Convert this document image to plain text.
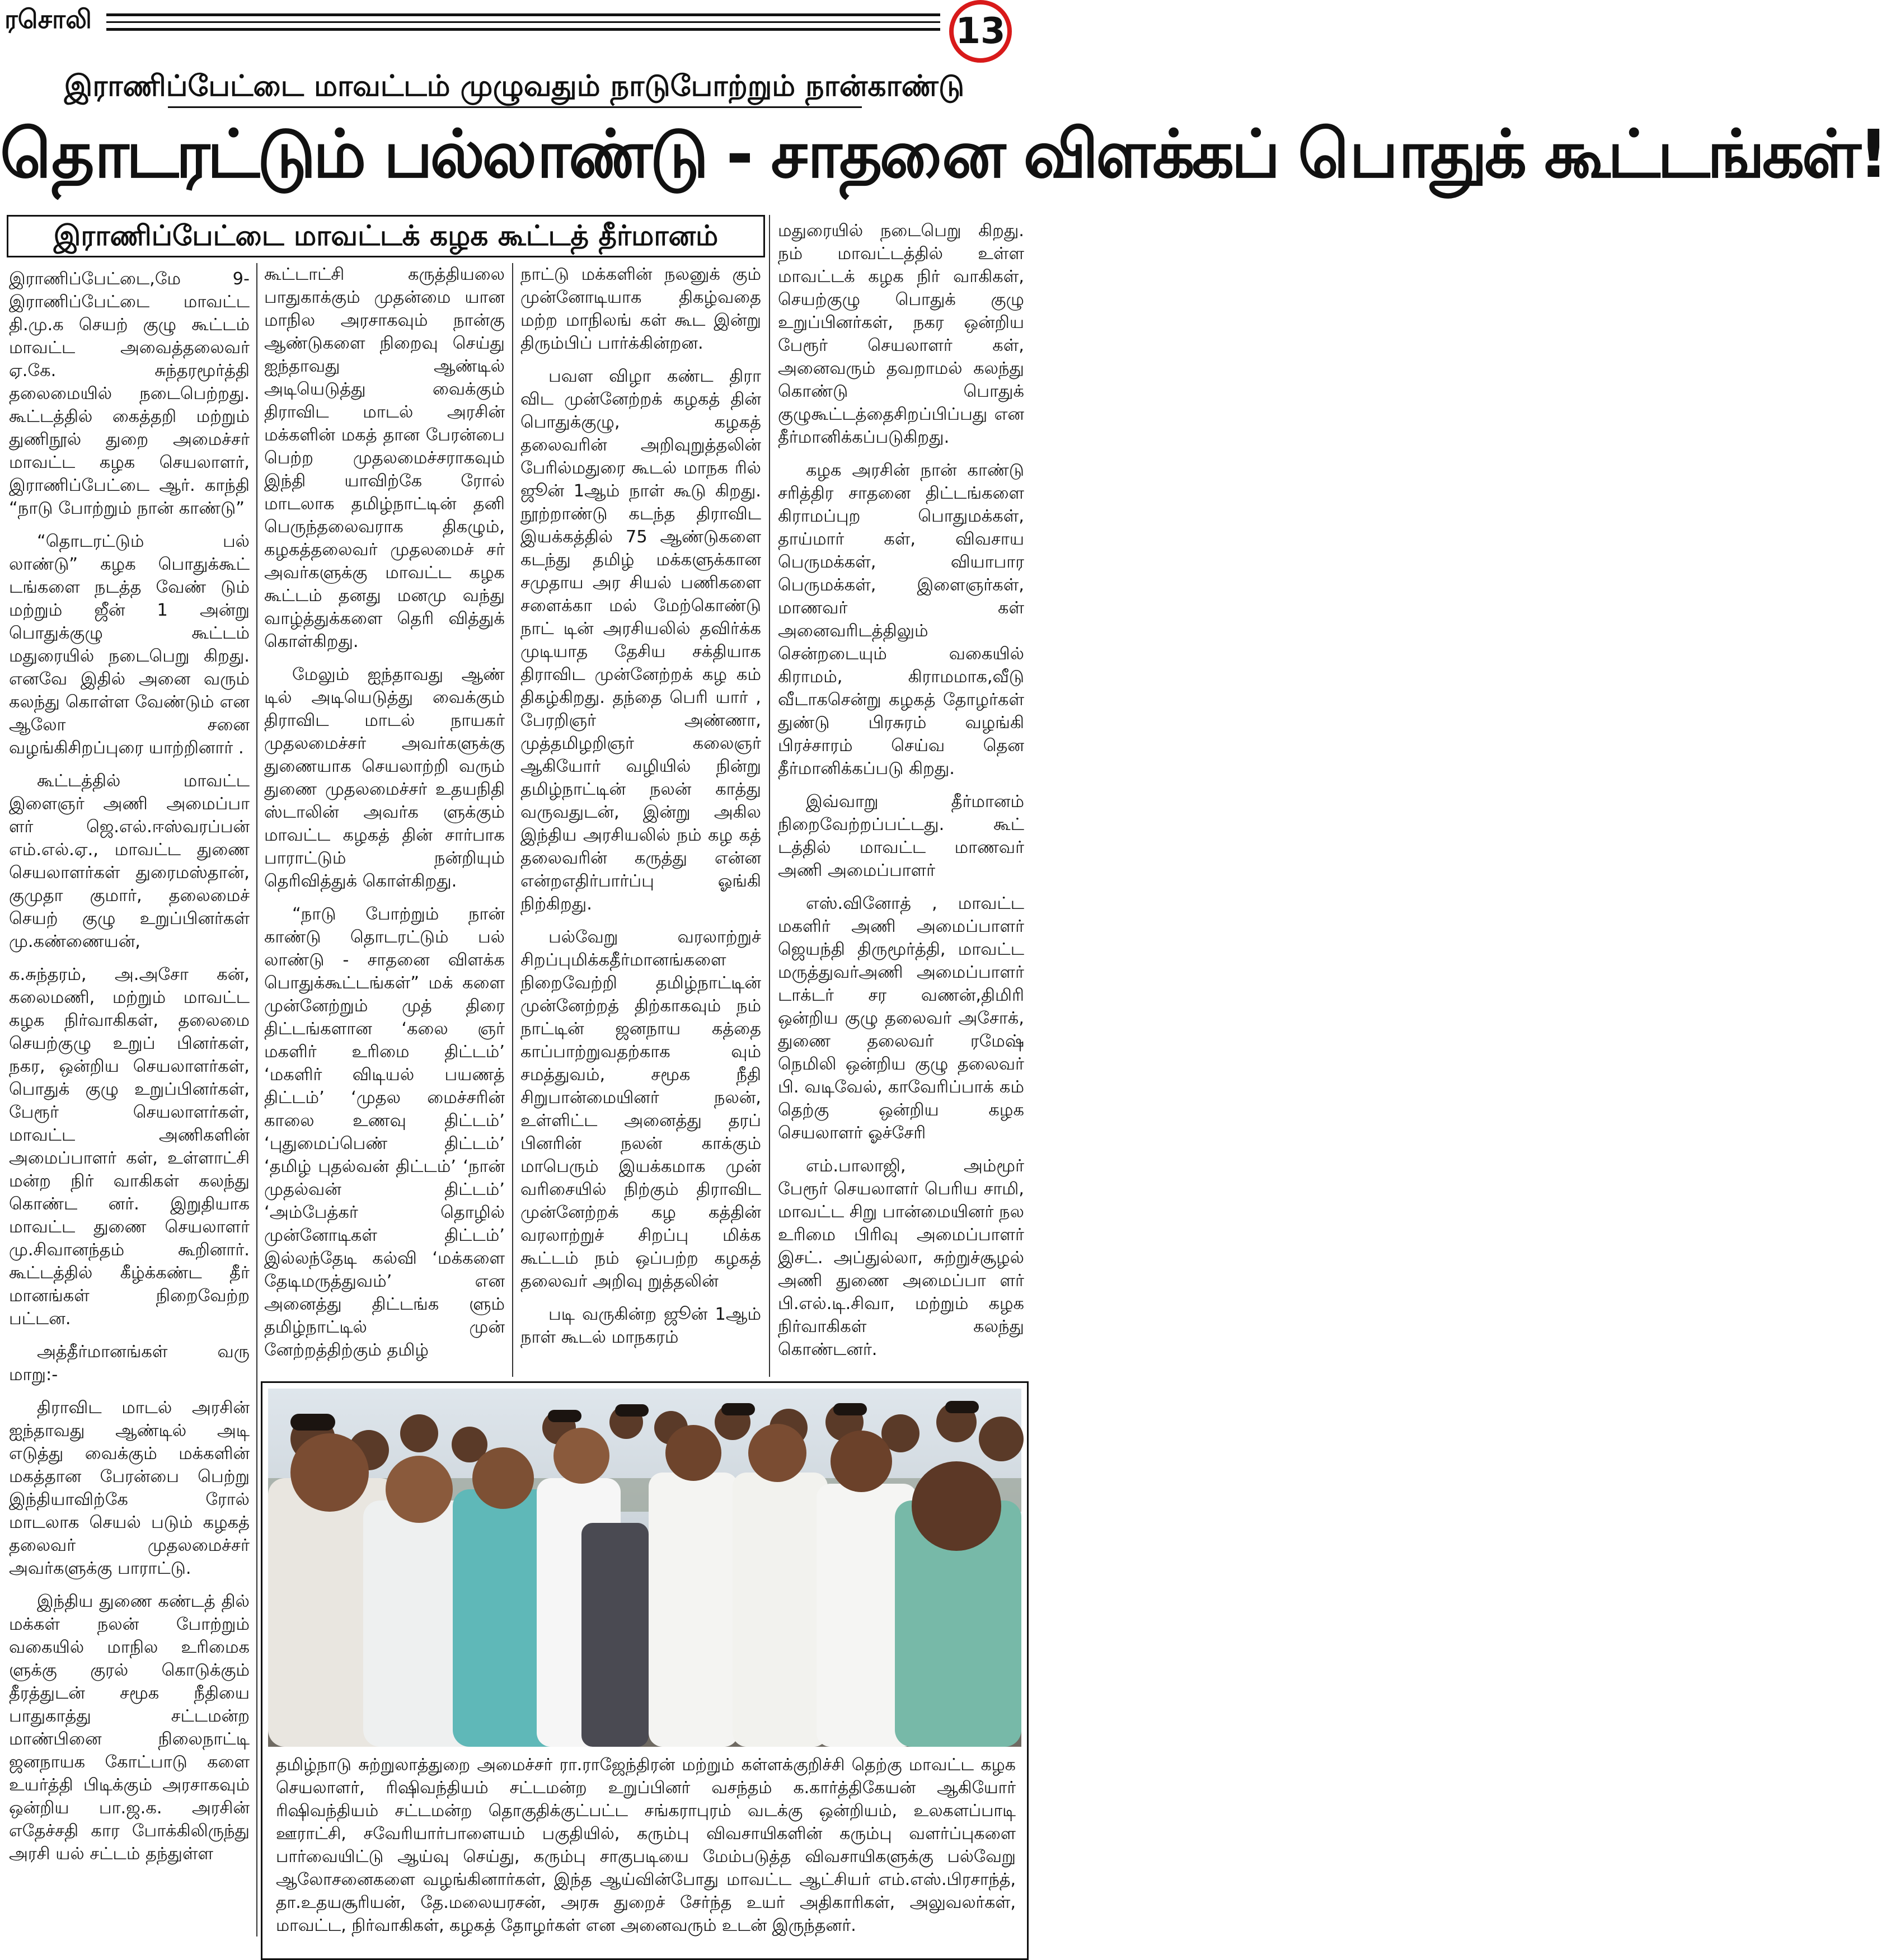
ரசொலி	13
இராணிப்பேட்டை மாவட்டம் முழுவதும் நாடுபோற்றும் நான்காண்டு
தொடரட்டும் பல்லாண்டு - சாதனை விளக்கப் பொதுக் கூட்டங்கள்!
இராணிப்பேட்டை மாவட்டக் கழக கூட்டத் தீர்மானம்

இராணிப்பேட்டை,மே 9- இராணிப்பேட்டை மாவட்ட தி.மு.க செயற் குழு கூட்டம் மாவட்ட அவைத்தலைவர் ஏ.கே. சுந்தரமூர்த்தி தலைமையில் நடைபெற்றது. கூட்டத்தில் கைத்தறி மற்றும் துணிநூல் துறை அமைச்சர் மாவட்ட கழக செயலாளர், இராணிப்பேட்டை ஆர். காந்தி “நாடு போற்றும் நான் காண்டு”

“தொடரட்டும் பல் லாண்டு” கழக பொதுக்கூட் டங்களை நடத்த வேண் டும் மற்றும் ஜீன் 1 அன்று பொதுக்குழு கூட்டம் மதுரையில் நடைபெறு கிறது. எனவே இதில் அனை வரும் கலந்து கொள்ள வேண்டும் என ஆலோ சனை வழங்கிசிறப்புரை யாற்றினார் .

கூட்டத்தில் மாவட்ட இளைஞர் அணி அமைப்பா ளர் ஜெ.எல்.ஈஸ்வரப்பன் எம்.எல்.ஏ., மாவட்ட துணை செயலாளர்கள் துரைமஸ்தான், குமுதா குமார், தலைமைச் செயற் குழு உறுப்பினர்கள் மு.கண்ணையன்,

க.சுந்தரம், அ.அசோ கன், கலைமணி, மற்றும் மாவட்ட கழக நிர்வாகிகள், தலைமை செயற்குழு உறுப் பினர்கள், நகர, ஒன்றிய செயலாளர்கள், பொதுக் குழு உறுப்பினர்கள், பேரூர் செயலாளர்கள், மாவட்ட அணிகளின் அமைப்பாளர் கள், உள்ளாட்சி மன்ற நிர் வாகிகள் கலந்து கொண்ட னர். இறுதியாக மாவட்ட துணை செயலாளர் மு.சிவானந்தம் கூறினார். கூட்டத்தில் கீழ்க்கண்ட தீர் மானங்கள் நிறைவேற்ற பட்டன.

அத்தீர்மானங்கள் வரு மாறு:-

திராவிட மாடல் அரசின் ஐந்தாவது ஆண்டில் அடி எடுத்து வைக்கும் மக்களின் மகத்தான பேரன்பை பெற்று இந்தியாவிற்கே ரோல் மாடலாக செயல் படும் கழகத் தலைவர் முதலமைச்சர் அவர்களுக்கு பாராட்டு.

இந்திய துணை கண்டத் தில் மக்கள் நலன் போற்றும் வகையில் மாநில உரிமைக ளுக்கு குரல் கொடுக்கும் தீரத்துடன் சமூக நீதியை பாதுகாத்து சட்டமன்ற மாண்பினை நிலைநாட்டி ஜனநாயக கோட்பாடு களை உயர்த்தி பிடிக்கும் அரசாகவும் ஒன்றிய பா.ஜ.க. அரசின் எதேச்சதி கார போக்கிலிருந்து அரசி யல் சட்டம் தந்துள்ள

கூட்டாட்சி கருத்தியலை பாதுகாக்கும் முதன்மை யான மாநில அரசாகவும் நான்கு ஆண்டுகளை நிறைவு செய்து ஐந்தாவது ஆண்டில் அடியெடுத்து வைக்கும் திராவிட மாடல் அரசின் மக்களின் மகத் தான பேரன்பை பெற்ற முதலமைச்சராகவும் இந்தி யாவிற்கே ரோல் மாடலாக தமிழ்நாட்டின் தனி பெருந்தலைவராக திகழும், கழகத்தலைவர் முதலமைச் சர் அவர்களுக்கு மாவட்ட கழக கூட்டம் தனது மனமு வந்து வாழ்த்துக்களை தெரி வித்துக் கொள்கிறது.

மேலும் ஐந்தாவது ஆண் டில் அடியெடுத்து வைக்கும் திராவிட மாடல் நாயகர் முதலமைச்சர் அவர்களுக்கு துணையாக செயலாற்றி வரும் துணை முதலமைச்சர் உதயநிதி ஸ்டாலின் அவர்க ளுக்கும் மாவட்ட கழகத் தின் சார்பாக பாராட்டும் நன்றியும் தெரிவித்துக் கொள்கிறது.

“நாடு போற்றும் நான் காண்டு தொடரட்டும் பல் லாண்டு - சாதனை விளக்க பொதுக்கூட்டங்கள்” மக் களை முன்னேற்றும் முத் திரை திட்டங்களான ‘கலை ஞர் மகளிர் உரிமை திட்டம்’ ‘மகளிர் விடியல் பயணத் திட்டம்’ ‘முதல மைச்சரின் காலை உணவு திட்டம்’ ‘புதுமைப்பெண் திட்டம்’ ‘தமிழ் புதல்வன் திட்டம்’ ‘நான் முதல்வன் திட்டம்’ ‘அம்பேத்கர் தொழில் முன்னோடிகள் திட்டம்’ இல்லந்தேடி கல்வி ‘மக்களை தேடிமருத்துவம்’ என அனைத்து திட்டங்க ளும் தமிழ்நாட்டில் முன் னேற்றத்திற்கும் தமிழ்

நாட்டு மக்களின் நலனுக் கும் முன்னோடியாக திகழ்வதை மற்ற மாநிலங் கள் கூட இன்று திரும்பிப் பார்க்கின்றன.

பவள விழா கண்ட திரா விட முன்னேற்றக் கழகத் தின் பொதுக்குழு, கழகத் தலைவரின் அறிவுறுத்தலின் பேரில்மதுரை கூடல் மாநக ரில் ஜூன் 1ஆம் நாள் கூடு கிறது. நூற்றாண்டு கடந்த திராவிட இயக்கத்தில் 75 ஆண்டுகளை கடந்து தமிழ் மக்களுக்கான சமுதாய அர சியல் பணிகளை சளைக்கா மல் மேற்கொண்டு நாட் டின் அரசியலில் தவிர்க்க முடியாத தேசிய சக்தியாக திராவிட முன்னேற்றக் கழ கம் திகழ்கிறது. தந்தை பெரி யார் , பேரறிஞர் அண்ணா, முத்தமிழறிஞர் கலைஞர் ஆகியோர் வழியில் நின்று தமிழ்நாட்டின் நலன் காத்து வருவதுடன், இன்று அகில இந்திய அரசியலில் நம் கழ கத் தலைவரின் கருத்து என்ன என்றஎதிர்பார்ப்பு ஓங்கி நிற்கிறது.

பல்வேறு வரலாற்றுச் சிறப்புமிக்கதீர்மானங்களை நிறைவேற்றி தமிழ்நாட்டின் முன்னேற்றத் திற்காகவும் நம் நாட்டின் ஜனநாய கத்தை காப்பாற்றுவதற்காக வும் சமத்துவம், சமூக நீதி சிறுபான்மையினர் நலன், உள்ளிட்ட அனைத்து தரப் பினரின் நலன் காக்கும் மாபெரும் இயக்கமாக முன் வரிசையில் நிற்கும் திராவிட முன்னேற்றக் கழ கத்தின் வரலாற்றுச் சிறப்பு மிக்க கூட்டம் நம் ஒப்பற்ற கழகத் தலைவர் அறிவு றுத்தலின்

படி வருகின்ற ஜூன் 1ஆம் நாள் கூடல் மாநகரம்

மதுரையில் நடைபெறு கிறது. நம் மாவட்டத்தில் உள்ள மாவட்டக் கழக நிர் வாகிகள், செயற்குழு பொதுக் குழு உறுப்பினர்கள், நகர ஒன்றிய பேரூர் செயலாளர் கள், அனைவரும் தவறாமல் கலந்து கொண்டு பொதுக் குழுகூட்டத்தைசிறப்பிப்பது என தீர்மானிக்கப்படுகிறது.

கழக அரசின் நான் காண்டு சரித்திர சாதனை திட்டங்களை கிராமப்புற பொதுமக்கள், தாய்மார் கள், விவசாய பெருமக்கள், வியாபார பெருமக்கள், இளைஞர்கள், மாணவர் கள் அனைவரிடத்திலும் சென்றடையும் வகையில் கிராமம், கிராமமாக,வீடு வீடாகசென்று கழகத் தோழர்கள் துண்டு பிரசுரம் வழங்கி பிரச்சாரம் செய்வ தென தீர்மானிக்கப்படு கிறது.

இவ்வாறு தீர்மானம் நிறைவேற்றப்பட்டது. கூட் டத்தில் மாவட்ட மாணவர் அணி அமைப்பாளர்

எஸ்.வினோத் , மாவட்ட மகளிர் அணி அமைப்பாளர் ஜெயந்தி திருமூர்த்தி, மாவட்ட மருத்துவர்அணி அமைப்பாளர் டாக்டர் சர வணன்,திமிரி ஒன்றிய குழு தலைவர் அசோக், துணை தலைவர் ரமேஷ் நெமிலி ஒன்றிய குழு தலைவர் பி. வடிவேல், காவேரிப்பாக் கம் தெற்கு ஒன்றிய கழக செயலாளர் ஓச்சேரி

எம்.பாலாஜி, அம்மூர் பேரூர் செயலாளர் பெரிய சாமி, மாவட்ட சிறு பான்மையினர் நல உரிமை பிரிவு அமைப்பாளர் இசட். அப்துல்லா, சுற்றுச்சூழல் அணி துணை அமைப்பா ளர் பி.எல்.டி.சிவா, மற்றும் கழக நிர்வாகிகள் கலந்து கொண்டனர்.

தமிழ்நாடு சுற்றுலாத்துறை அமைச்சர் ரா.ராஜேந்திரன் மற்றும் கள்ளக்குறிச்சி தெற்கு மாவட்ட கழக செயலாளர், ரிஷிவந்தியம் சட்டமன்ற உறுப்பினர் வசந்தம் க.கார்த்திகேயன் ஆகியோர் ரிஷிவந்தியம் சட்டமன்ற தொகுதிக்குட்பட்ட சங்கராபுரம் வடக்கு ஒன்றியம், உலகளப்பாடி ஊராட்சி, சவேரியார்பாளையம் பகுதியில், கரும்பு விவசாயிகளின் கரும்பு வளர்ப்புகளை பார்வையிட்டு ஆய்வு செய்து, கரும்பு சாகுபடியை மேம்படுத்த விவசாயிகளுக்கு பல்வேறு ஆலோசனைகளை வழங்கினார்கள், இந்த ஆய்வின்போது மாவட்ட ஆட்சியர் எம்.எஸ்.பிரசாந்த், தா.உதயசூரியன், தே.மலையரசன், அரசு துறைச் சேர்ந்த உயர் அதிகாரிகள், அலுவலர்கள், மாவட்ட, நிர்வாகிகள், கழகத் தோழர்கள் என அனைவரும் உடன் இருந்தனர்.
